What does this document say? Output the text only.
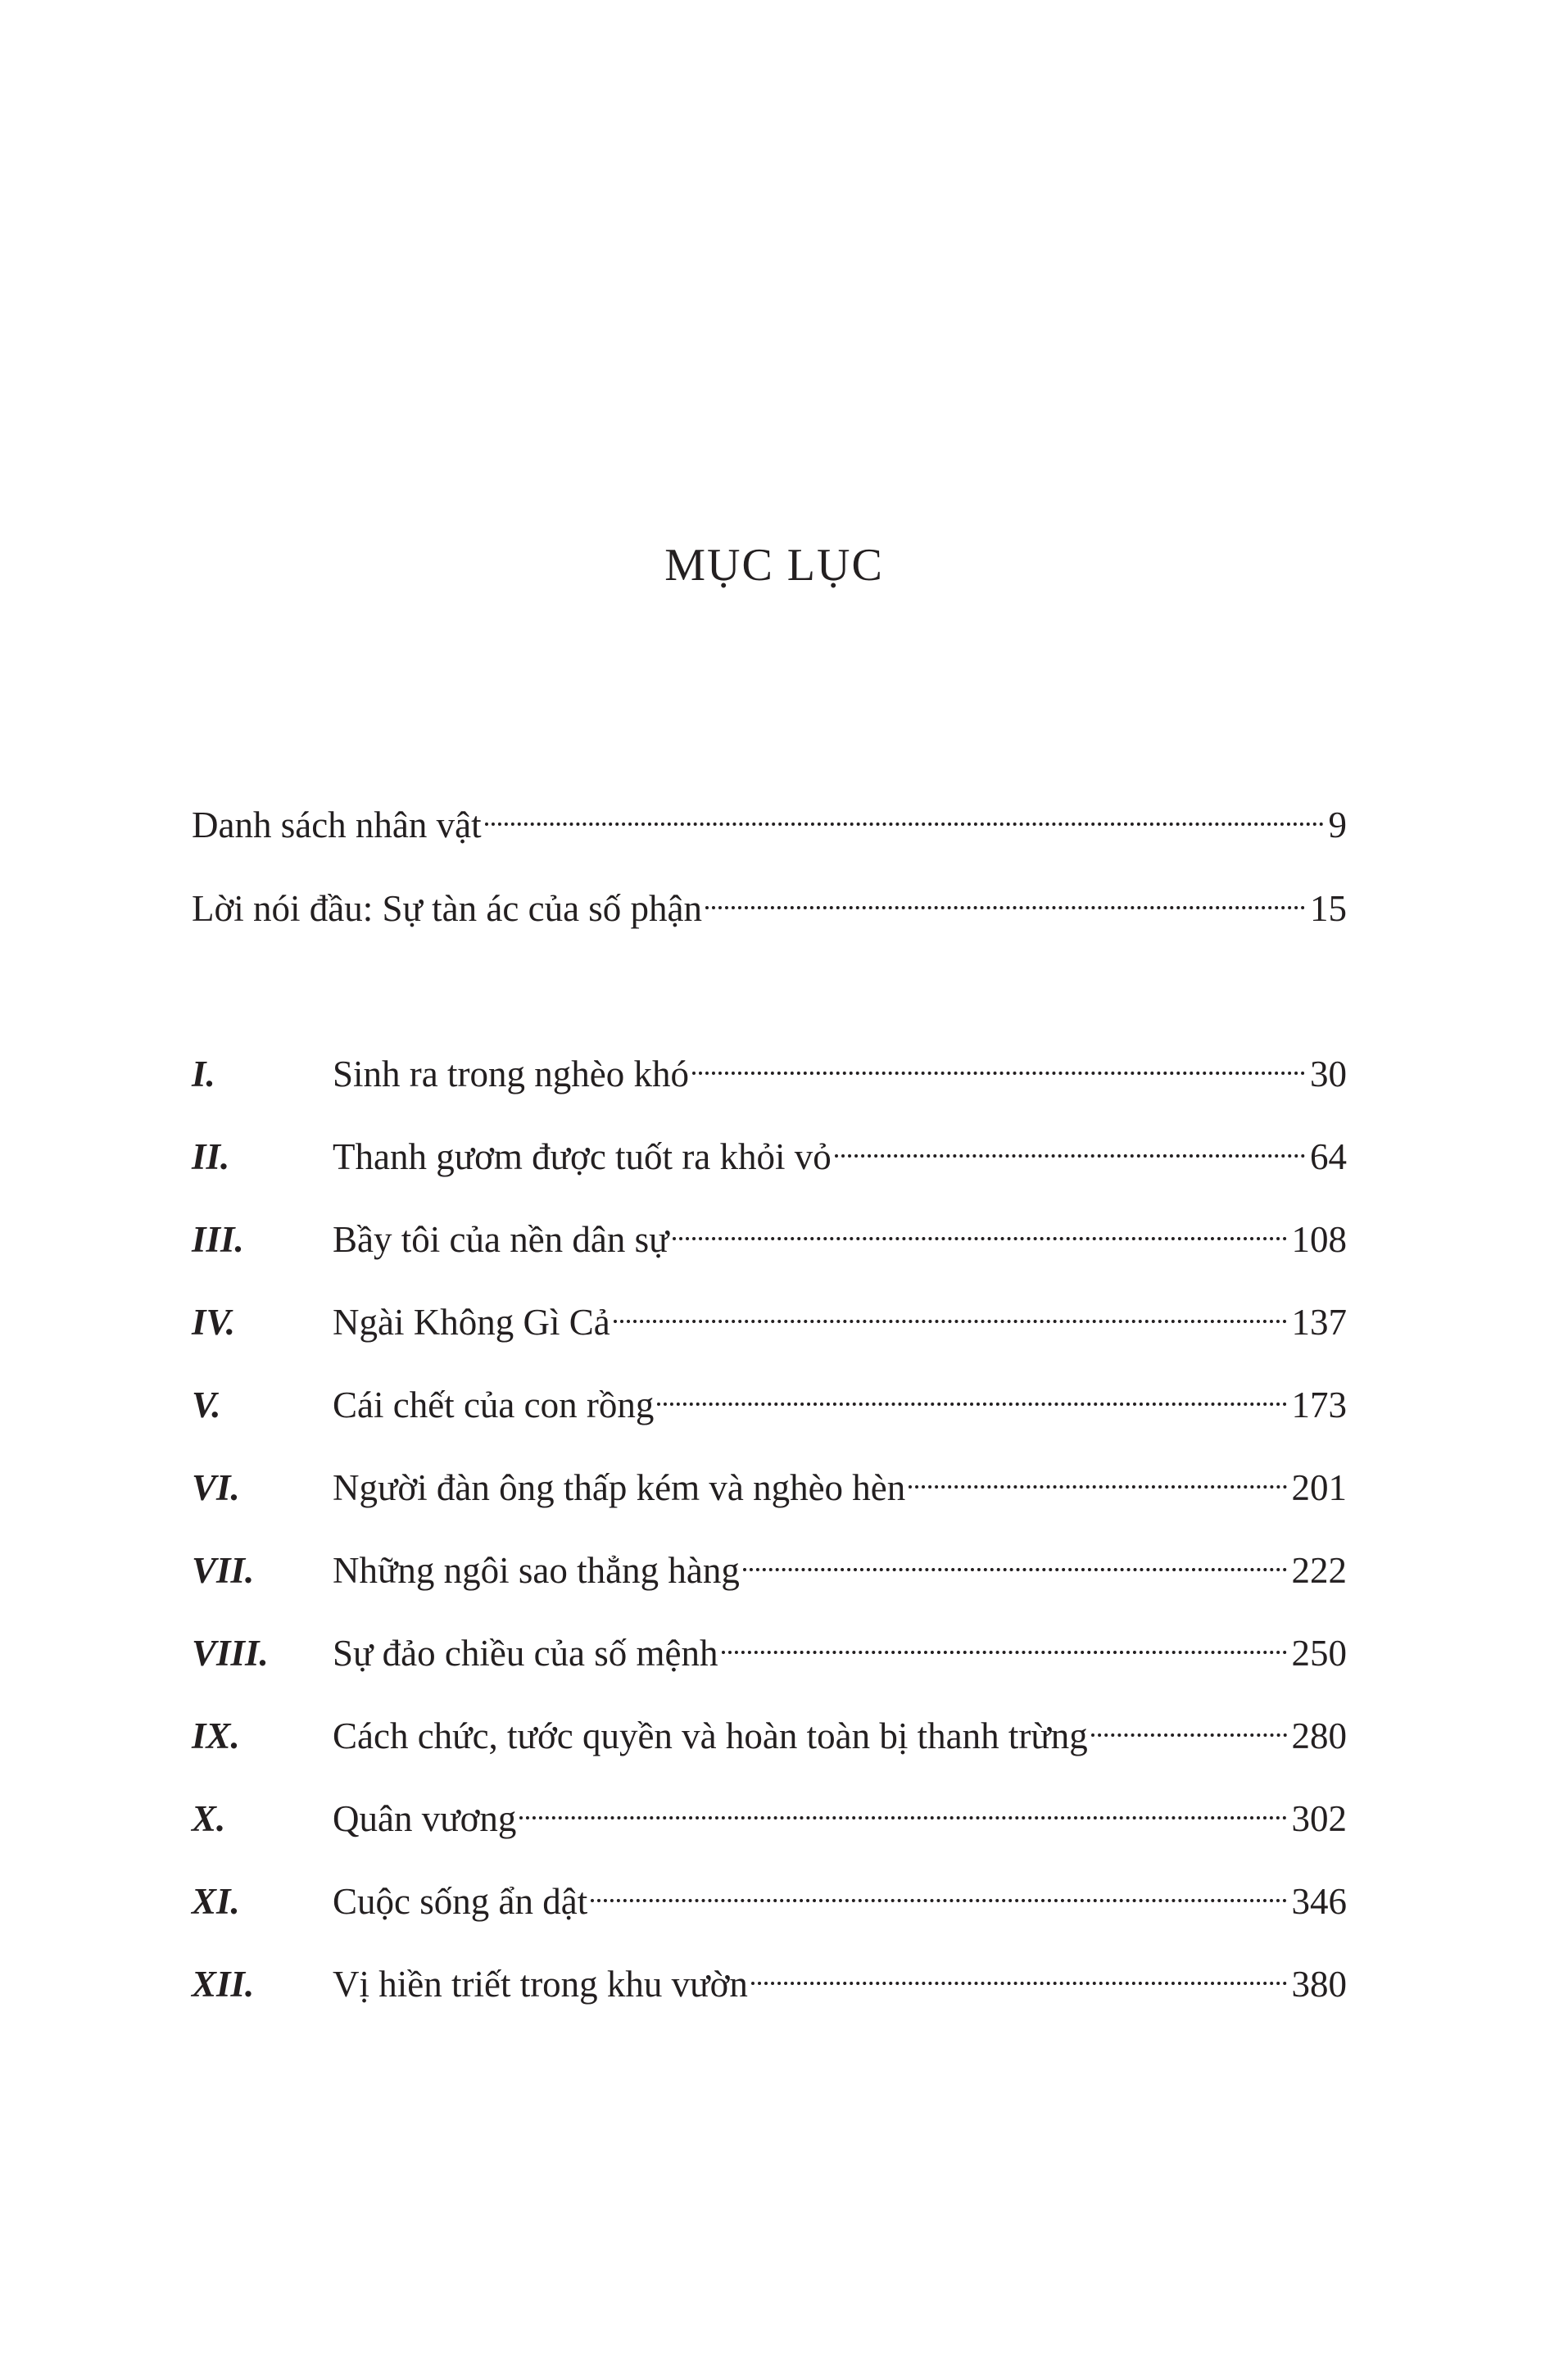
MỤC LỤC
Danh sách nhân vật	9
Lời nói đầu: Sự tàn ác của số phận	15
I.	Sinh ra trong nghèo khó	30
II.	Thanh gươm được tuốt ra khỏi vỏ	64
III.	Bầy tôi của nền dân sự	108
IV.	Ngài Không Gì Cả	137
V.	Cái chết của con rồng	173
VI.	Người đàn ông thấp kém và nghèo hèn	201
VII.	Những ngôi sao thẳng hàng	222
VIII.	Sự đảo chiều của số mệnh	250
IX.	Cách chức, tước quyền và hoàn toàn bị thanh trừng	280
X.	Quân vương	302
XI.	Cuộc sống ẩn dật	346
XII.	Vị hiền triết trong khu vườn	380
